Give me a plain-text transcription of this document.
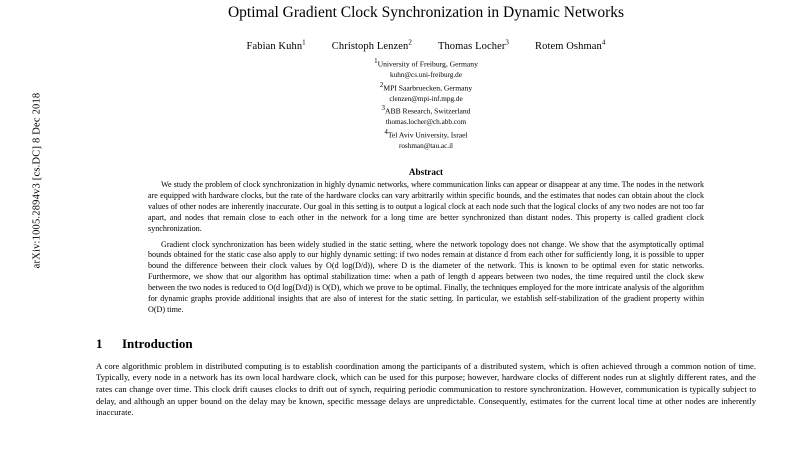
arXiv:1005.2894v3 [cs.DC] 8 Dec 2018
Optimal Gradient Clock Synchronization in Dynamic Networks
Fabian Kuhn$^1$ Christoph Lenzen$^2$ Thomas Locher$^3$ Rotem Oshman$^4$
$^1$University of Freiburg, Germany
kuhn@cs.uni-freiburg.de
$^2$MPI Saarbruecken, Germany
clenzen@mpi-inf.mpg.de
$^3$ABB Research, Switzerland
thomas.locher@ch.abb.com
$^4$Tel Aviv University, Israel
roshman@tau.ac.il
Abstract

We study the problem of clock synchronization in highly dynamic networks, where communication links can appear or disappear at any time. The nodes in the network are equipped with hardware clocks, but the rate of the hardware clocks can vary arbitrarily within specific bounds, and the estimates that nodes can obtain about the clock values of other nodes are inherently inaccurate. Our goal in this setting is to output a logical clock at each node such that the logical clocks of any two nodes are not too far apart, and nodes that remain close to each other in the network for a long time are better synchronized than distant nodes. This property is called gradient clock synchronization.

Gradient clock synchronization has been widely studied in the static setting, where the network topology does not change. We show that the asymptotically optimal bounds obtained for the static case also apply to our highly dynamic setting: if two nodes remain at distance d from each other for sufficiently long, it is possible to upper bound the difference between their clock values by O(d log(D/d)), where D is the diameter of the network. This is known to be optimal even for static networks. Furthermore, we show that our algorithm has optimal stabilization time: when a path of length d appears between two nodes, the time required until the clock skew between the two nodes is reduced to O(d log(D/d)) is O(D), which we prove to be optimal. Finally, the techniques employed for the more intricate analysis of the algorithm for dynamic graphs provide additional insights that are also of interest for the static setting. In particular, we establish self-stabilization of the gradient property within O(D) time.

1	Introduction

A core algorithmic problem in distributed computing is to establish coordination among the participants of a distributed system, which is often achieved through a common notion of time. Typically, every node in a network has its own local hardware clock, which can be used for this purpose; however, hardware clocks of different nodes run at slightly different rates, and the rates can change over time. This clock drift causes clocks to drift out of synch, requiring periodic communication to restore synchronization. However, communication is typically subject to delay, and although an upper bound on the delay may be known, specific message delays are unpredictable. Consequently, estimates for the current local time at other nodes are inherently inaccurate.
